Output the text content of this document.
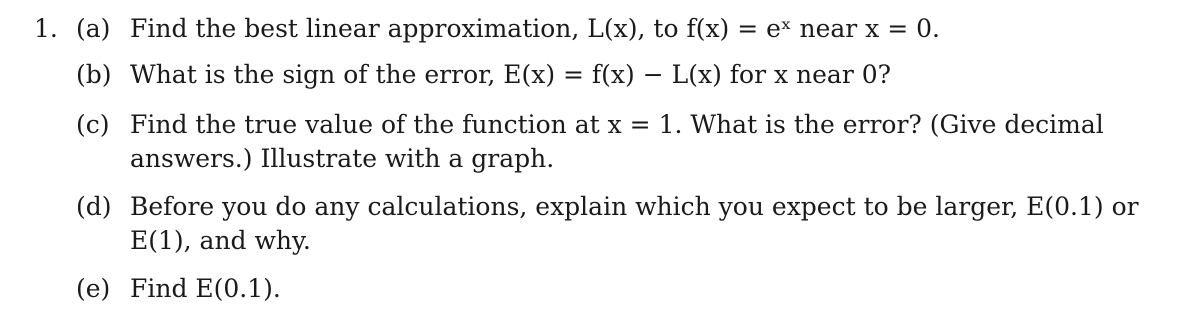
1. (a) Find the best linear approximation, L(x), to f(x) = eˣ near x = 0.
(b) What is the sign of the error, E(x) = f(x) − L(x) for x near 0?
(c) Find the true value of the function at x = 1. What is the error? (Give decimal
answers.) Illustrate with a graph.
(d) Before you do any calculations, explain which you expect to be larger, E(0.1) or
E(1), and why.
(e) Find E(0.1).
